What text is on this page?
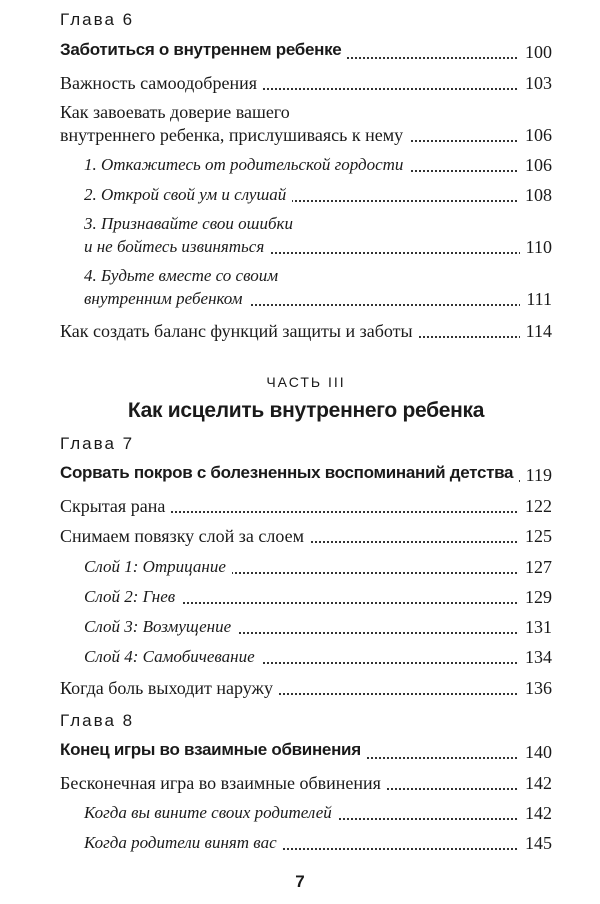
Глава 6
Заботиться о внутреннем ребенке	100
Важность самоодобрения	103
Как завоевать доверие вашего
внутреннего ребенка, прислушиваясь к нему	106
1. Откажитесь от родительской гордости	106
2. Открой свой ум и слушай	108
3. Признавайте свои ошибки
и не бойтесь извиняться	110
4. Будьте вместе со своим
внутренним ребенком	111
Как создать баланс функций защиты и заботы	114
ЧАСТЬ III
Как исцелить внутреннего ребенка
Глава 7
Сорвать покров с болезненных воспоминаний детства 119
Скрытая рана	122
Снимаем повязку слой за слоем	125
Слой 1: Отрицание	127
Слой 2: Гнев	129
Слой 3: Возмущение	131
Слой 4: Самобичевание	134
Когда боль выходит наружу	136
Глава 8
Конец игры во взаимные обвинения	140
Бесконечная игра во взаимные обвинения	142
Когда вы вините своих родителей	142
Когда родители винят вас	145
7
